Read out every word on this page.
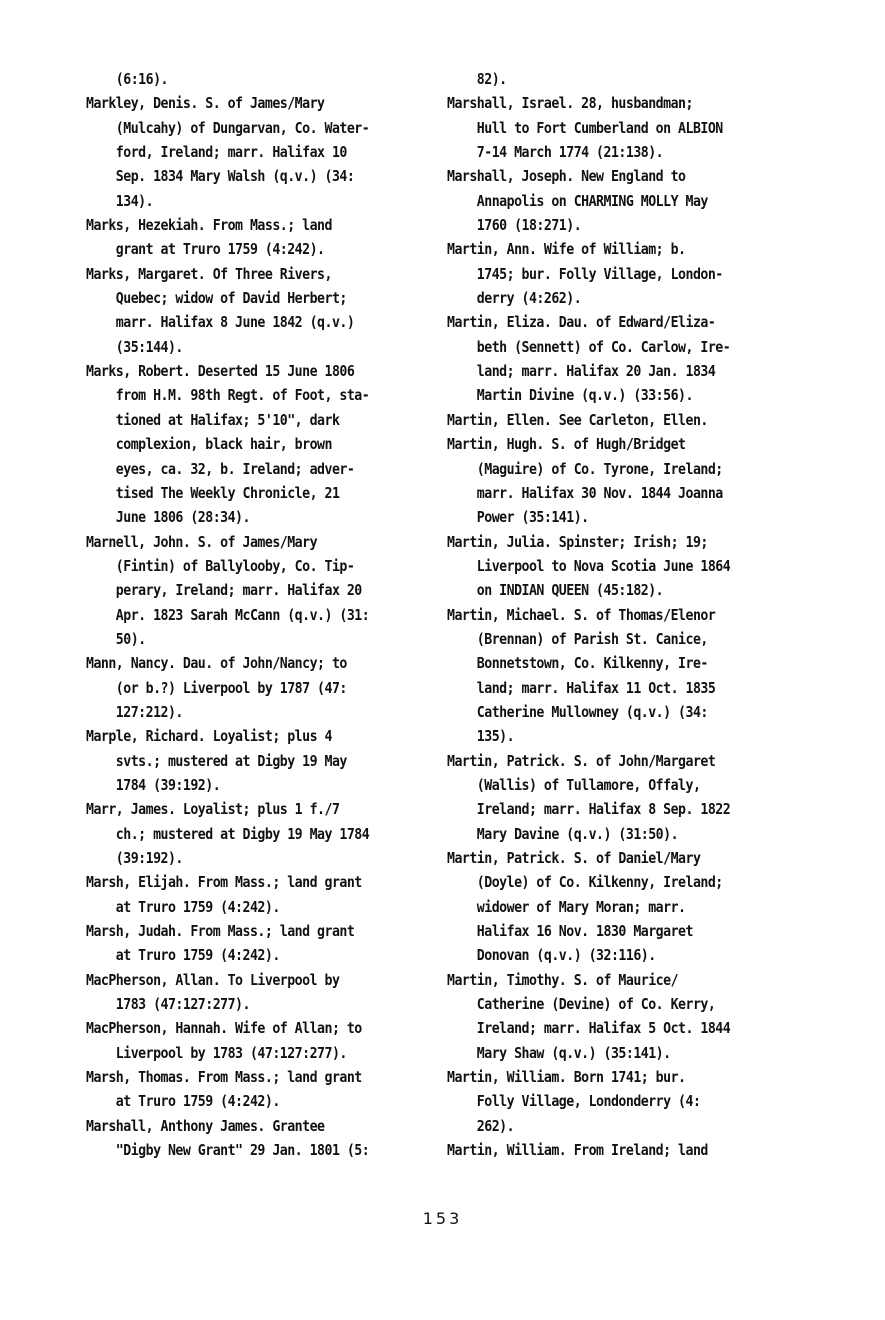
(6:16).
Markley, Denis. S. of James/Mary
(Mulcahy) of Dungarvan, Co. Water-
ford, Ireland; marr. Halifax 10
Sep. 1834 Mary Walsh (q.v.) (34:
134).
Marks, Hezekiah. From Mass.; land
grant at Truro 1759 (4:242).
Marks, Margaret. Of Three Rivers,
Quebec; widow of David Herbert;
marr. Halifax 8 June 1842 (q.v.)
(35:144).
Marks, Robert. Deserted 15 June 1806
from H.M. 98th Regt. of Foot, sta-
tioned at Halifax; 5'10", dark
complexion, black hair, brown
eyes, ca. 32, b. Ireland; adver-
tised The Weekly Chronicle, 21
June 1806 (28:34).
Marnell, John. S. of James/Mary
(Fintin) of Ballylooby, Co. Tip-
perary, Ireland; marr. Halifax 20
Apr. 1823 Sarah McCann (q.v.) (31:
50).
Mann, Nancy. Dau. of John/Nancy; to
(or b.?) Liverpool by 1787 (47:
127:212).
Marple, Richard. Loyalist; plus 4
svts.; mustered at Digby 19 May
1784 (39:192).
Marr, James. Loyalist; plus 1 f./7
ch.; mustered at Digby 19 May 1784
(39:192).
Marsh, Elijah. From Mass.; land grant
at Truro 1759 (4:242).
Marsh, Judah. From Mass.; land grant
at Truro 1759 (4:242).
MacPherson, Allan. To Liverpool by
1783 (47:127:277).
MacPherson, Hannah. Wife of Allan; to
Liverpool by 1783 (47:127:277).
Marsh, Thomas. From Mass.; land grant
at Truro 1759 (4:242).
Marshall, Anthony James. Grantee
"Digby New Grant" 29 Jan. 1801 (5:
82).
Marshall, Israel. 28, husbandman;
Hull to Fort Cumberland on ALBION
7-14 March 1774 (21:138).
Marshall, Joseph. New England to
Annapolis on CHARMING MOLLY May
1760 (18:271).
Martin, Ann. Wife of William; b.
1745; bur. Folly Village, London-
derry (4:262).
Martin, Eliza. Dau. of Edward/Eliza-
beth (Sennett) of Co. Carlow, Ire-
land; marr. Halifax 20 Jan. 1834
Martin Divine (q.v.) (33:56).
Martin, Ellen. See Carleton, Ellen.
Martin, Hugh. S. of Hugh/Bridget
(Maguire) of Co. Tyrone, Ireland;
marr. Halifax 30 Nov. 1844 Joanna
Power (35:141).
Martin, Julia. Spinster; Irish; 19;
Liverpool to Nova Scotia June 1864
on INDIAN QUEEN (45:182).
Martin, Michael. S. of Thomas/Elenor
(Brennan) of Parish St. Canice,
Bonnetstown, Co. Kilkenny, Ire-
land; marr. Halifax 11 Oct. 1835
Catherine Mullowney (q.v.) (34:
135).
Martin, Patrick. S. of John/Margaret
(Wallis) of Tullamore, Offaly,
Ireland; marr. Halifax 8 Sep. 1822
Mary Davine (q.v.) (31:50).
Martin, Patrick. S. of Daniel/Mary
(Doyle) of Co. Kilkenny, Ireland;
widower of Mary Moran; marr.
Halifax 16 Nov. 1830 Margaret
Donovan (q.v.) (32:116).
Martin, Timothy. S. of Maurice/
Catherine (Devine) of Co. Kerry,
Ireland; marr. Halifax 5 Oct. 1844
Mary Shaw (q.v.) (35:141).
Martin, William. Born 1741; bur.
Folly Village, Londonderry (4:
262).
Martin, William. From Ireland; land
153
